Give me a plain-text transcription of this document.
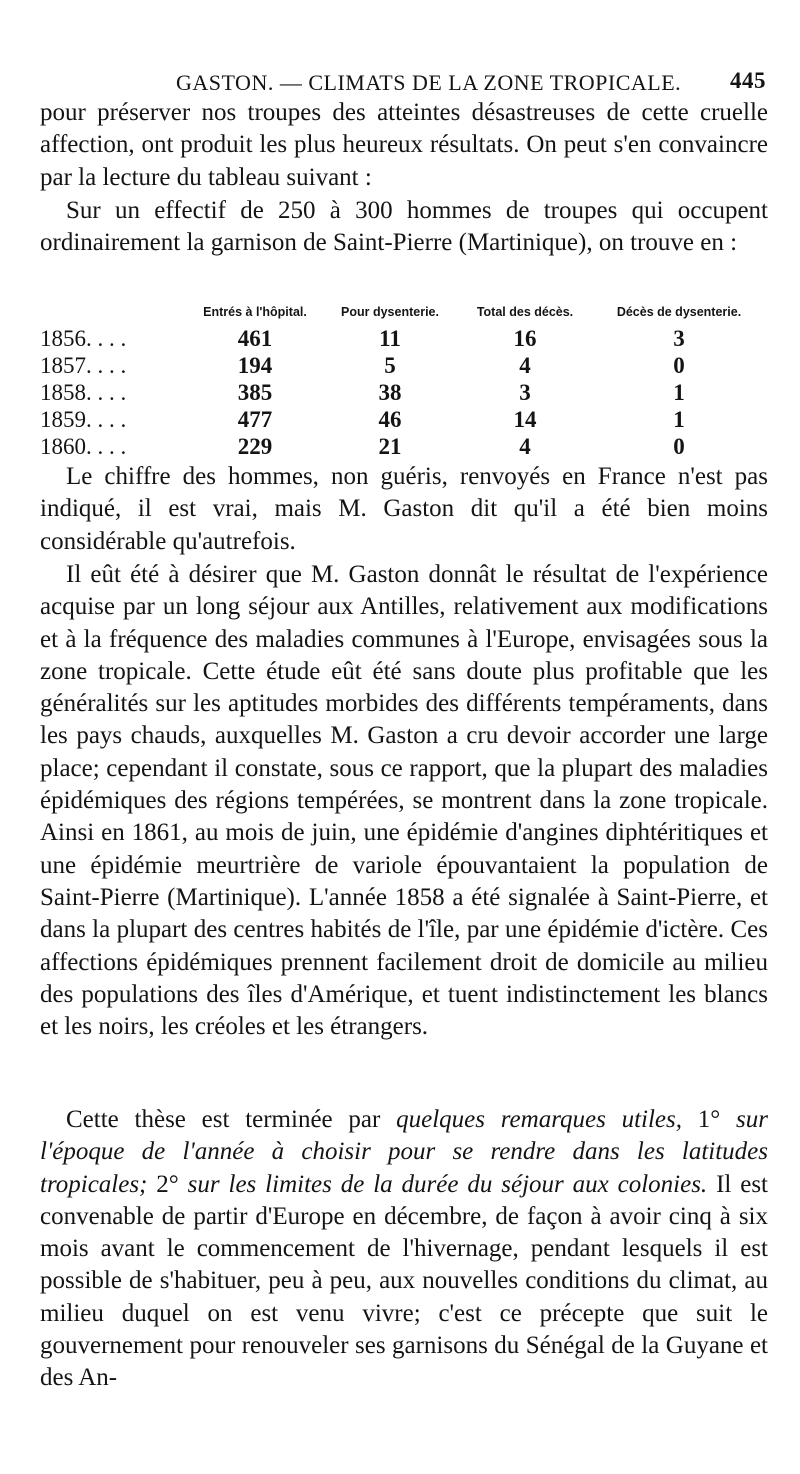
GASTON. — CLIMATS DE LA ZONE TROPICALE. 445

pour préserver nos troupes des atteintes désastreuses de cette cruelle affection, ont produit les plus heureux résultats. On peut s'en convaincre par la lecture du tableau suivant :

Sur un effectif de 250 à 300 hommes de troupes qui occupent ordinairement la garnison de Saint-Pierre (Martinique), on trouve en :

	Entrés à l'hôpital.	Pour dysenterie.	Total des décès.	Décès de dysenterie.
1856. . . .	461	11	16	3
1857. . . .	194	5	4	0
1858. . . .	385	38	3	1
1859. . . .	477	46	14	1
1860. . . .	229	21	4	0

Le chiffre des hommes, non guéris, renvoyés en France n'est pas indiqué, il est vrai, mais M. Gaston dit qu'il a été bien moins considérable qu'autrefois.

Il eût été à désirer que M. Gaston donnât le résultat de l'expérience acquise par un long séjour aux Antilles, relativement aux modifications et à la fréquence des maladies communes à l'Europe, envisagées sous la zone tropicale. Cette étude eût été sans doute plus profitable que les généralités sur les aptitudes morbides des différents tempéraments, dans les pays chauds, auxquelles M. Gaston a cru devoir accorder une large place; cependant il constate, sous ce rapport, que la plupart des maladies épidémiques des régions tempérées, se montrent dans la zone tropicale. Ainsi en 1861, au mois de juin, une épidémie d'angines diphtéritiques et une épidémie meurtrière de variole épouvantaient la population de Saint-Pierre (Martinique). L'année 1858 a été signalée à Saint-Pierre, et dans la plupart des centres habités de l'île, par une épidémie d'ictère. Ces affections épidémiques prennent facilement droit de domicile au milieu des populations des îles d'Amérique, et tuent indistinctement les blancs et les noirs, les créoles et les étrangers.

Cette thèse est terminée par quelques remarques utiles, 1° sur l'époque de l'année à choisir pour se rendre dans les latitudes tropicales; 2° sur les limites de la durée du séjour aux colonies. Il est convenable de partir d'Europe en décembre, de façon à avoir cinq à six mois avant le commencement de l'hivernage, pendant lesquels il est possible de s'habituer, peu à peu, aux nouvelles conditions du climat, au milieu duquel on est venu vivre; c'est ce précepte que suit le gouvernement pour renouveler ses garnisons du Sénégal de la Guyane et des An-
